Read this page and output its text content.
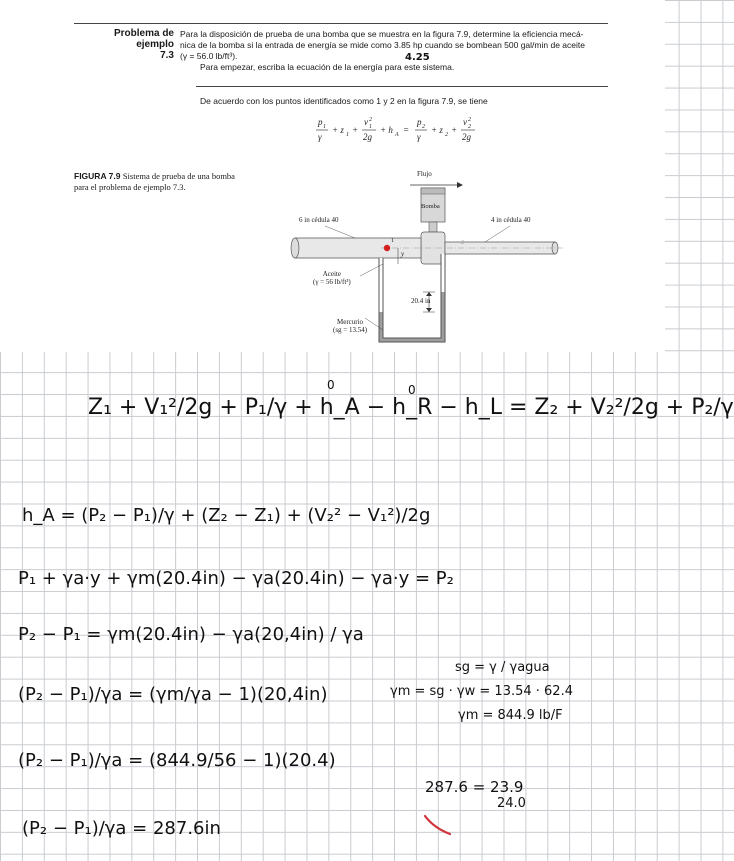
Problema de ejemplo
7.3
Para la disposición de prueba de una bomba que se muestra en la figura 7.9, determine la eficiencia mecá-
nica de la bomba si la entrada de energía se mide como 3.85 hp cuando se bombean 500 gal/min de aceite
(γ = 56.0 lb/ft³).
Para empezar, escriba la ecuación de la energía para este sistema.
4.25
De acuerdo con los puntos identificados como 1 y 2 en la figura 7.9, se tiene
p 1
γ
+ z 1 +
v 2
1
2g
+ h A =
p 2
γ
+ z 2 +
v 2
2
2g
FIGURA 7.9 Sistema de prueba de una bomba
para el problema de ejemplo 7.3.
Flujo
Bomba
6 in cédula 40	4 in cédula 40
Aceite
(γ = 56 lb/ft³)
Mercurio
(sg = 13.54)
20.4 in
1	2
y
Z₁ + V₁²/2g + P₁/γ + h_A − h_R − h_L = Z₂ + V₂²/2g + P₂/γ
0	0
h_A = (P₂ − P₁)/γ + (Z₂ − Z₁) + (V₂² − V₁²)/2g
P₁ + γa·y + γm(20.4in) − γa(20.4in) − γa·y = P₂
P₂ − P₁ = γm(20.4in) − γa(20,4in) / γa
sg = γ / γagua
(P₂ − P₁)/γa = (γm/γa − 1)(20,4in)	γm = sg · γw = 13.54 · 62.4
γm = 844.9 lb/F
(P₂ − P₁)/γa = (844.9/56 − 1)(20.4)
287.6 = 23.9
24.0
(P₂ − P₁)/γa = 287.6in
